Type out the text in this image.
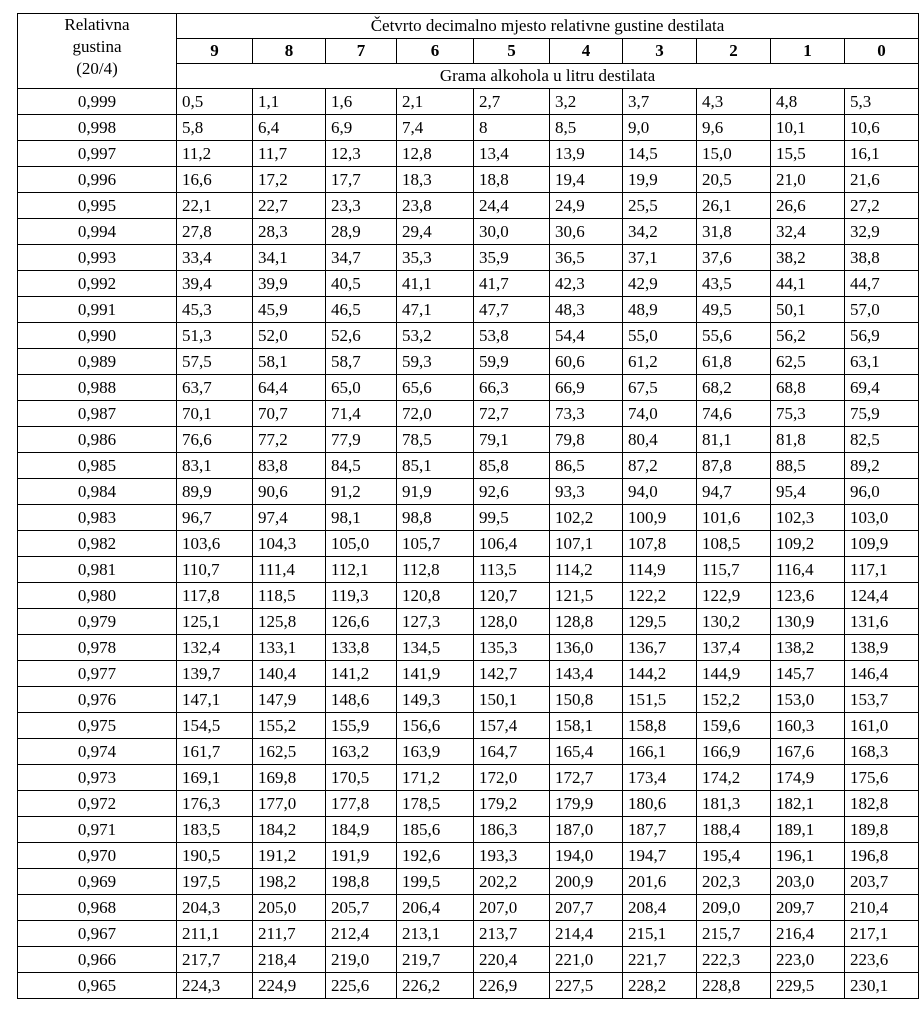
Relativna
gustina
(20/4)	Četvrto decimalno mjesto relativne gustine destilata									
	9	8	7	6	5	4	3	2	1	0
	Grama alkohola u litru destilata									
0,999	0,5	1,1	1,6	2,1	2,7	3,2	3,7	4,3	4,8	5,3
0,998	5,8	6,4	6,9	7,4	8	8,5	9,0	9,6	10,1	10,6
0,997	11,2	11,7	12,3	12,8	13,4	13,9	14,5	15,0	15,5	16,1
0,996	16,6	17,2	17,7	18,3	18,8	19,4	19,9	20,5	21,0	21,6
0,995	22,1	22,7	23,3	23,8	24,4	24,9	25,5	26,1	26,6	27,2
0,994	27,8	28,3	28,9	29,4	30,0	30,6	34,2	31,8	32,4	32,9
0,993	33,4	34,1	34,7	35,3	35,9	36,5	37,1	37,6	38,2	38,8
0,992	39,4	39,9	40,5	41,1	41,7	42,3	42,9	43,5	44,1	44,7
0,991	45,3	45,9	46,5	47,1	47,7	48,3	48,9	49,5	50,1	57,0
0,990	51,3	52,0	52,6	53,2	53,8	54,4	55,0	55,6	56,2	56,9
0,989	57,5	58,1	58,7	59,3	59,9	60,6	61,2	61,8	62,5	63,1
0,988	63,7	64,4	65,0	65,6	66,3	66,9	67,5	68,2	68,8	69,4
0,987	70,1	70,7	71,4	72,0	72,7	73,3	74,0	74,6	75,3	75,9
0,986	76,6	77,2	77,9	78,5	79,1	79,8	80,4	81,1	81,8	82,5
0,985	83,1	83,8	84,5	85,1	85,8	86,5	87,2	87,8	88,5	89,2
0,984	89,9	90,6	91,2	91,9	92,6	93,3	94,0	94,7	95,4	96,0
0,983	96,7	97,4	98,1	98,8	99,5	102,2	100,9	101,6	102,3	103,0
0,982	103,6	104,3	105,0	105,7	106,4	107,1	107,8	108,5	109,2	109,9
0,981	110,7	111,4	112,1	112,8	113,5	114,2	114,9	115,7	116,4	117,1
0,980	117,8	118,5	119,3	120,8	120,7	121,5	122,2	122,9	123,6	124,4
0,979	125,1	125,8	126,6	127,3	128,0	128,8	129,5	130,2	130,9	131,6
0,978	132,4	133,1	133,8	134,5	135,3	136,0	136,7	137,4	138,2	138,9
0,977	139,7	140,4	141,2	141,9	142,7	143,4	144,2	144,9	145,7	146,4
0,976	147,1	147,9	148,6	149,3	150,1	150,8	151,5	152,2	153,0	153,7
0,975	154,5	155,2	155,9	156,6	157,4	158,1	158,8	159,6	160,3	161,0
0,974	161,7	162,5	163,2	163,9	164,7	165,4	166,1	166,9	167,6	168,3
0,973	169,1	169,8	170,5	171,2	172,0	172,7	173,4	174,2	174,9	175,6
0,972	176,3	177,0	177,8	178,5	179,2	179,9	180,6	181,3	182,1	182,8
0,971	183,5	184,2	184,9	185,6	186,3	187,0	187,7	188,4	189,1	189,8
0,970	190,5	191,2	191,9	192,6	193,3	194,0	194,7	195,4	196,1	196,8
0,969	197,5	198,2	198,8	199,5	202,2	200,9	201,6	202,3	203,0	203,7
0,968	204,3	205,0	205,7	206,4	207,0	207,7	208,4	209,0	209,7	210,4
0,967	211,1	211,7	212,4	213,1	213,7	214,4	215,1	215,7	216,4	217,1
0,966	217,7	218,4	219,0	219,7	220,4	221,0	221,7	222,3	223,0	223,6
0,965	224,3	224,9	225,6	226,2	226,9	227,5	228,2	228,8	229,5	230,1
